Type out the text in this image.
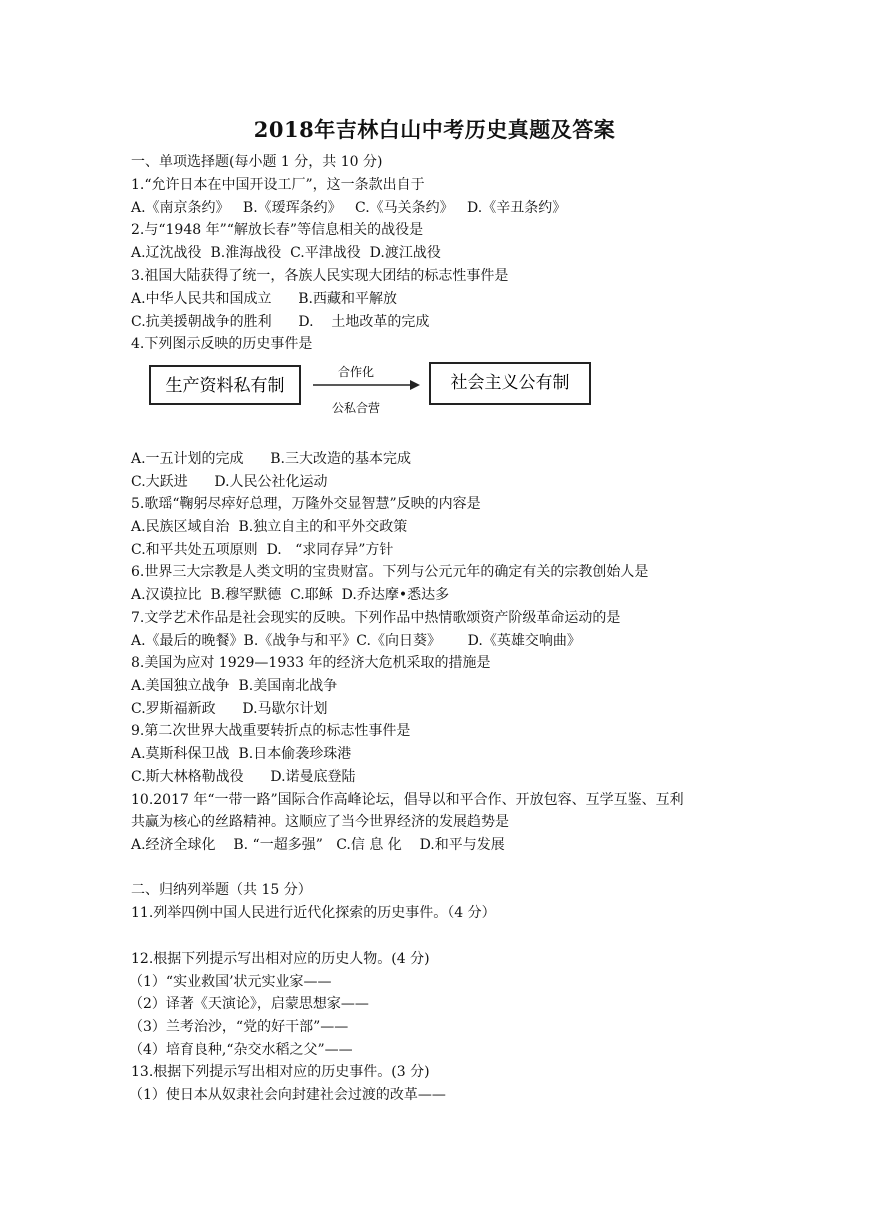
2018年吉林白山中考历史真题及答案

一、单项选择题(每小题 1 分，共 10 分)

1.“允许日本在中国开设工厂”，这一条款出自于

A.《南京条约》   B.《瑷珲条约》   C.《马关条约》   D.《辛丑条约》

2.与“1948 年”“解放长春”等信息相关的战役是

A.辽沈战役  B.淮海战役  C.平津战役  D.渡江战役

3.祖国大陆获得了统一，各族人民实现大团结的标志性事件是

A.中华人民共和国成立      B.西藏和平解放

C.抗美援朝战争的胜利      D.    土地改革的完成

4.下列图示反映的历史事件是

生产资料私有制
合作化
公私合营
社会主义公有制

A.一五计划的完成      B.三大改造的基本完成

C.大跃进      D.人民公社化运动

5.歌瑶“鞠躬尽瘁好总理，万隆外交显智慧”反映的内容是

A.民族区域自治  B.独立自主的和平外交政策

C.和平共处五项原则  D.   “求同存异”方针

6.世界三大宗教是人类文明的宝贵财富。下列与公元元年的确定有关的宗教创始人是

A.汉谟拉比  B.穆罕默德  C.耶稣  D.乔达摩•悉达多

7.文学艺术作品是社会现实的反映。下列作品中热情歌颂资产阶级革命运动的是

A.《最后的晚餐》B.《战争与和平》C.《向日葵》      D.《英雄交响曲》

8.美国为应对 1929—1933 年的经济大危机采取的措施是

A.美国独立战争  B.美国南北战争

C.罗斯福新政      D.马歇尔计划

9.第二次世界大战重要转折点的标志性事件是

A.莫斯科保卫战  B.日本偷袭珍珠港

C.斯大林格勒战役      D.诺曼底登陆

10.2017 年“一带一路”国际合作高峰论坛，倡导以和平合作、开放包容、互学互鉴、互利

共赢为核心的丝路精神。这顺应了当今世界经济的发展趋势是

A.经济全球化    B. “一超多强”   C.信 息 化    D.和平与发展

二、归纳列举题（共 15 分）

11.列举四例中国人民进行近代化探索的历史事件。（4 分）

12.根据下列提示写出相对应的历史人物。(4 分)

（1）“实业救国’状元实业家——

（2）译著《天演论》，启蒙思想家——

（3）兰考治沙，“党的好干部”——

（4）培育良种,“杂交水稻之父”——

13.根据下列提示写出相对应的历史事件。(3 分)

（1）使日本从奴隶社会向封建社会过渡的改革——
